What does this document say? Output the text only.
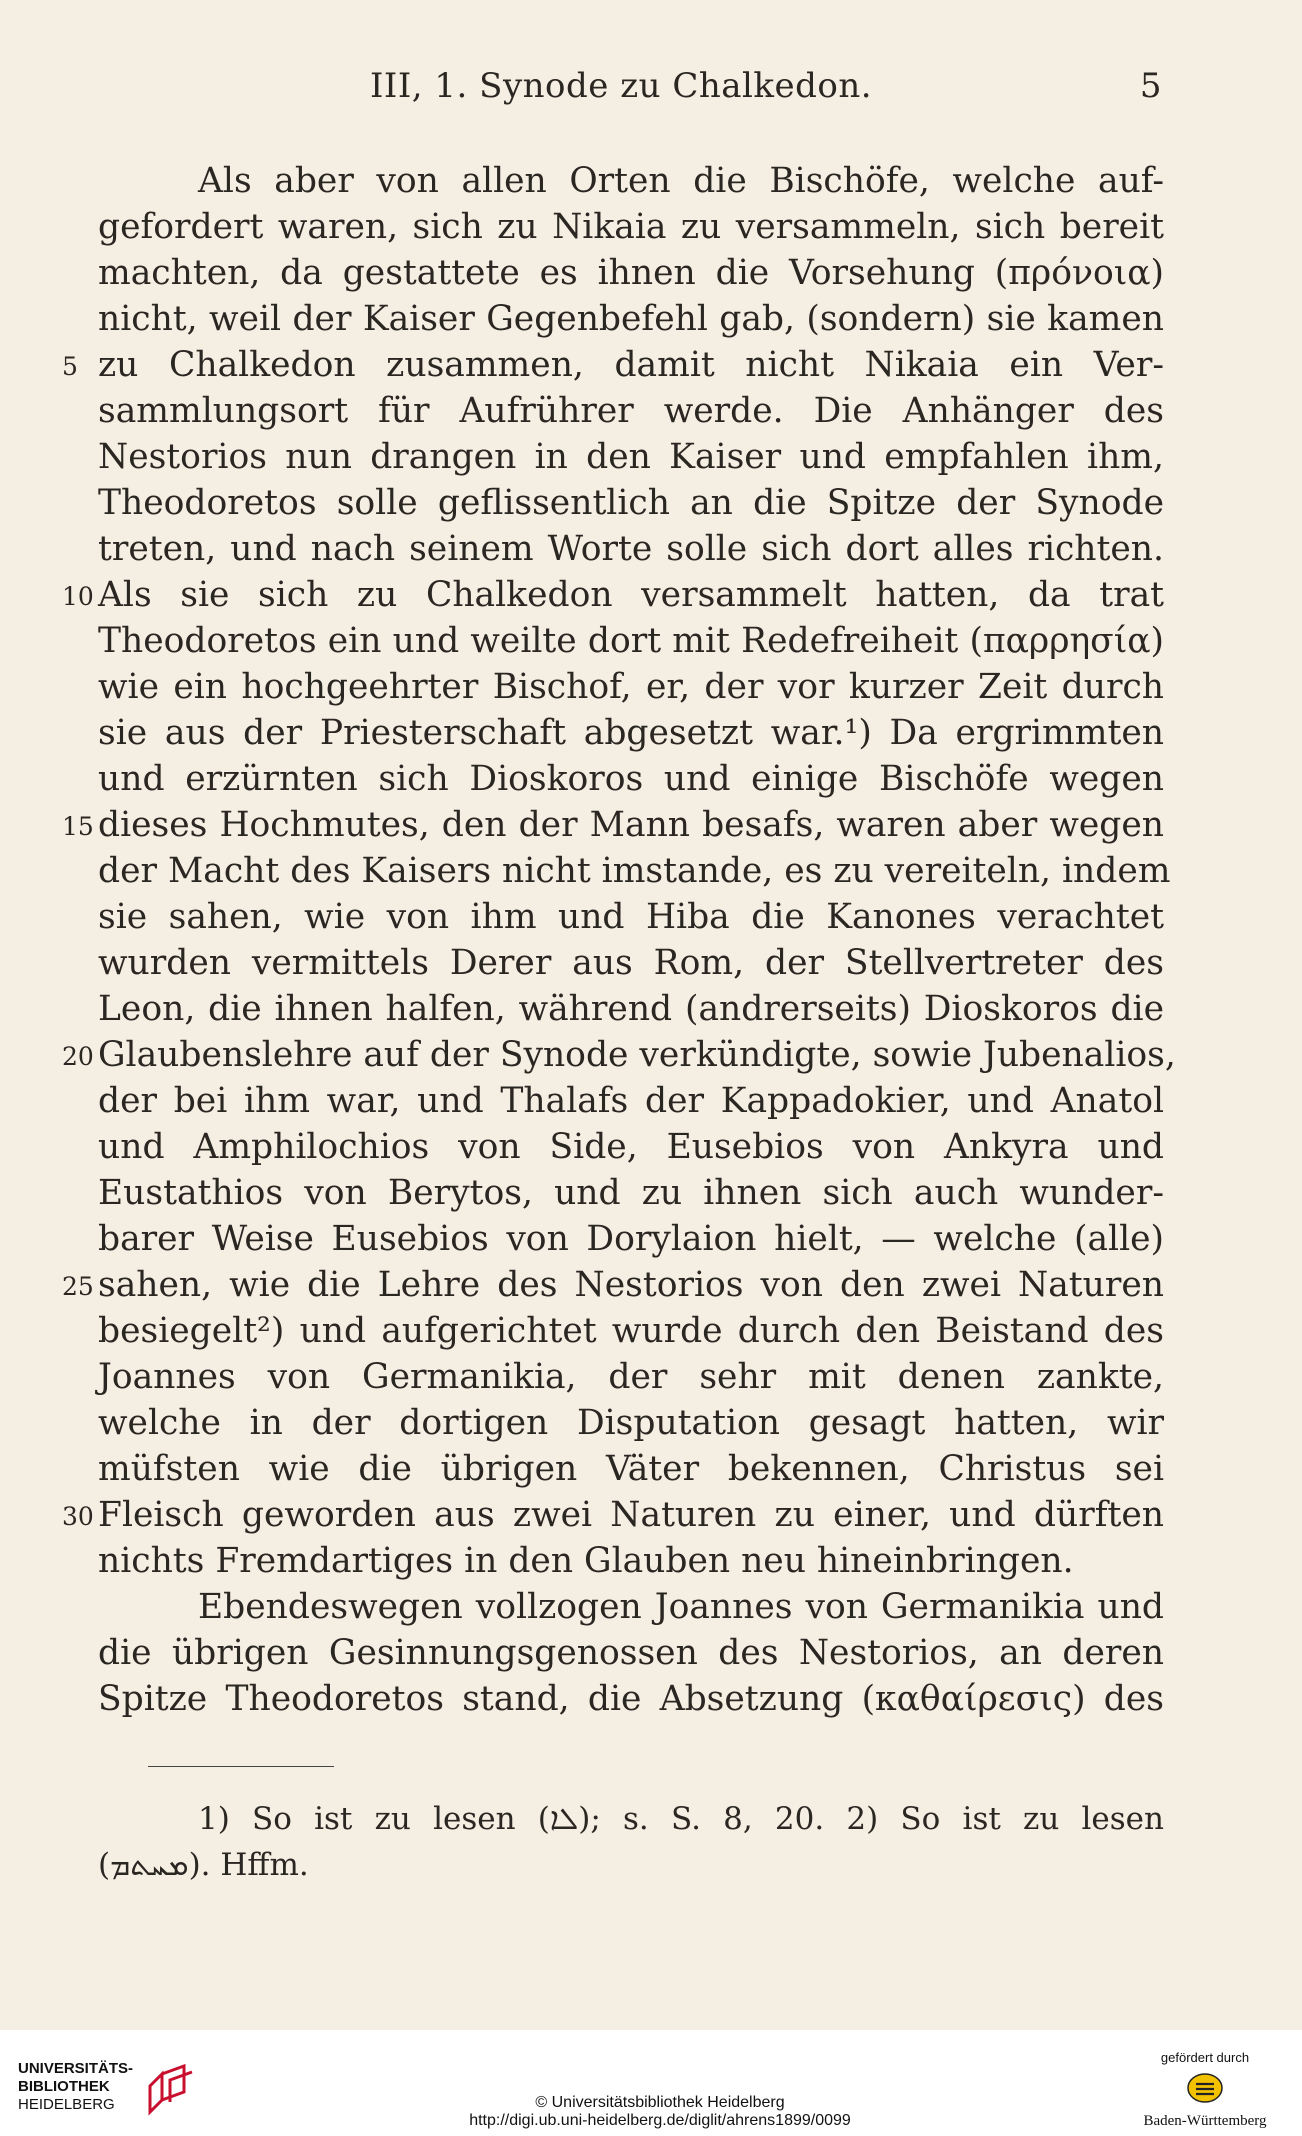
III, 1. Synode zu Chalkedon.	5
Als aber von allen Orten die Bischöfe, welche auf-
gefordert waren, sich zu Nikaia zu versammeln, sich bereit
machten, da gestattete es ihnen die Vorsehung (πρόνοια)
nicht, weil der Kaiser Gegenbefehl gab, (sondern) sie kamen
5 zu Chalkedon zusammen, damit nicht Nikaia ein Ver-
sammlungsort für Aufrührer werde. Die Anhänger des
Nestorios nun drangen in den Kaiser und empfahlen ihm,
Theodoretos solle geflissentlich an die Spitze der Synode
treten, und nach seinem Worte solle sich dort alles richten.
10 Als sie sich zu Chalkedon versammelt hatten, da trat
Theodoretos ein und weilte dort mit Redefreiheit (παρρησία)
wie ein hochgeehrter Bischof, er, der vor kurzer Zeit durch
sie aus der Priesterschaft abgesetzt war.¹) Da ergrimmten
und erzürnten sich Dioskoros und einige Bischöfe wegen
15 dieses Hochmutes, den der Mann besafs, waren aber wegen
der Macht des Kaisers nicht imstande, es zu vereiteln, indem
sie sahen, wie von ihm und Hiba die Kanones verachtet
wurden vermittels Derer aus Rom, der Stellvertreter des
Leon, die ihnen halfen, während (andrerseits) Dioskoros die
20 Glaubenslehre auf der Synode verkündigte, sowie Jubenalios,
der bei ihm war, und Thalafs der Kappadokier, und Anatol
und Amphilochios von Side, Eusebios von Ankyra und
Eustathios von Berytos, und zu ihnen sich auch wunder-
barer Weise Eusebios von Dorylaion hielt, — welche (alle)
25 sahen, wie die Lehre des Nestorios von den zwei Naturen
besiegelt²) und aufgerichtet wurde durch den Beistand des
Joannes von Germanikia, der sehr mit denen zankte,
welche in der dortigen Disputation gesagt hatten, wir
müfsten wie die übrigen Väter bekennen, Christus sei
30 Fleisch geworden aus zwei Naturen zu einer, und dürften
nichts Fremdartiges in den Glauben neu hineinbringen.
Ebendeswegen vollzogen Joannes von Germanikia und
die übrigen Gesinnungsgenossen des Nestorios, an deren
Spitze Theodoretos stand, die Absetzung (καθαίρεσις) des
1) So ist zu lesen (ܠܐ); s. S. 8, 20. 2) So ist zu lesen
(ܡܚܬܡ). Hffm.
UNIVERSITÄTS-
BIBLIOTHEK
HEIDELBERG	© Universitätsbibliothek Heidelberg
http://digi.ub.uni-heidelberg.de/diglit/ahrens1899/0099
gefördert durch
Baden-Württemberg
